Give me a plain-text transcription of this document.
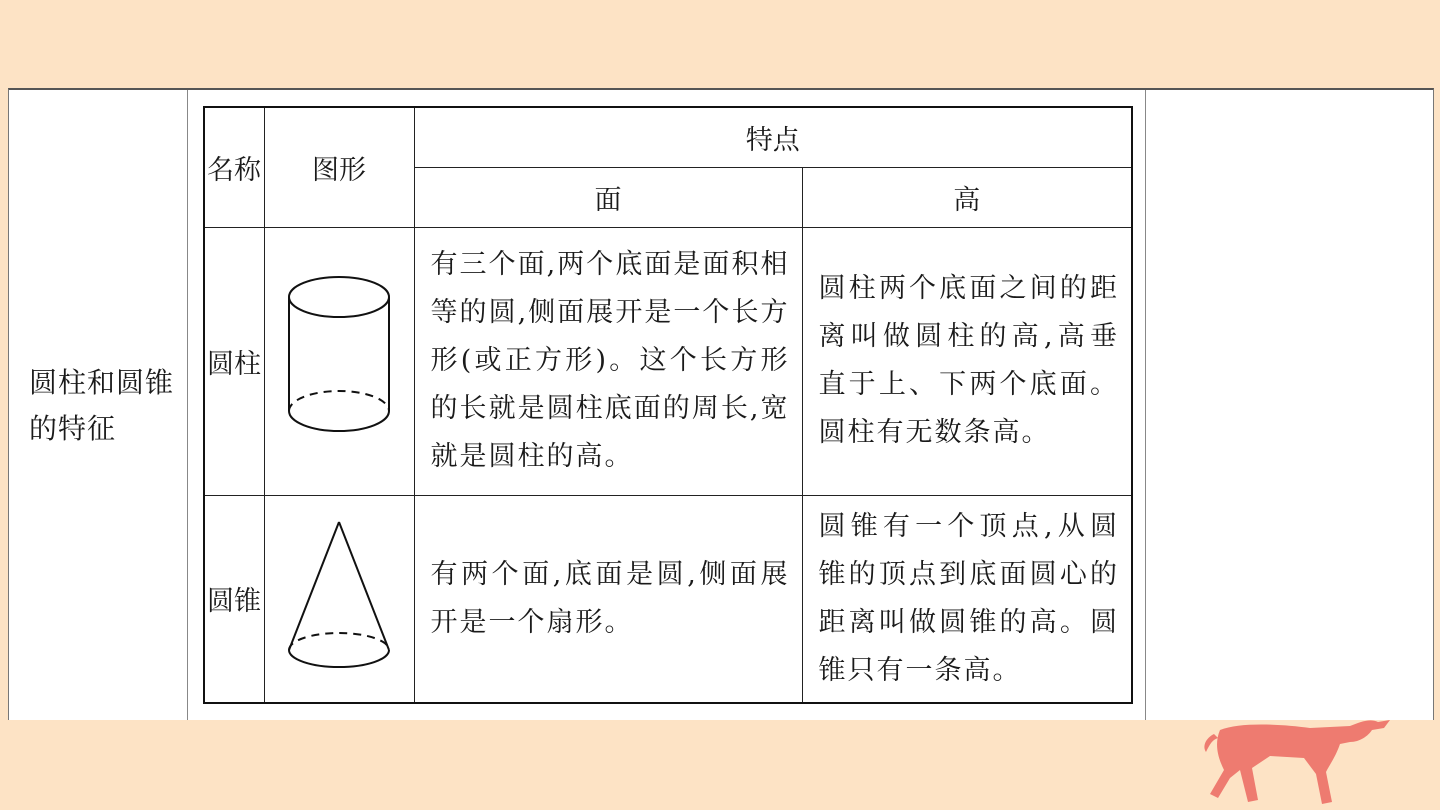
圆柱和圆锥的特征
名称	图形	特点	
		面	高
圆柱		有三个面,两个底面是面积相等的圆,侧面展开是一个长方形(或正方形)。这个长方形的长就是圆柱底面的周长,宽就是圆柱的高。	圆柱两个底面之间的距离叫做圆柱的高,高垂直于上、下两个底面。圆柱有无数条高。
圆锥		有两个面,底面是圆,侧面展开是一个扇形。	圆锥有一个顶点,从圆锥的顶点到底面圆心的距离叫做圆锥的高。圆锥只有一条高。
